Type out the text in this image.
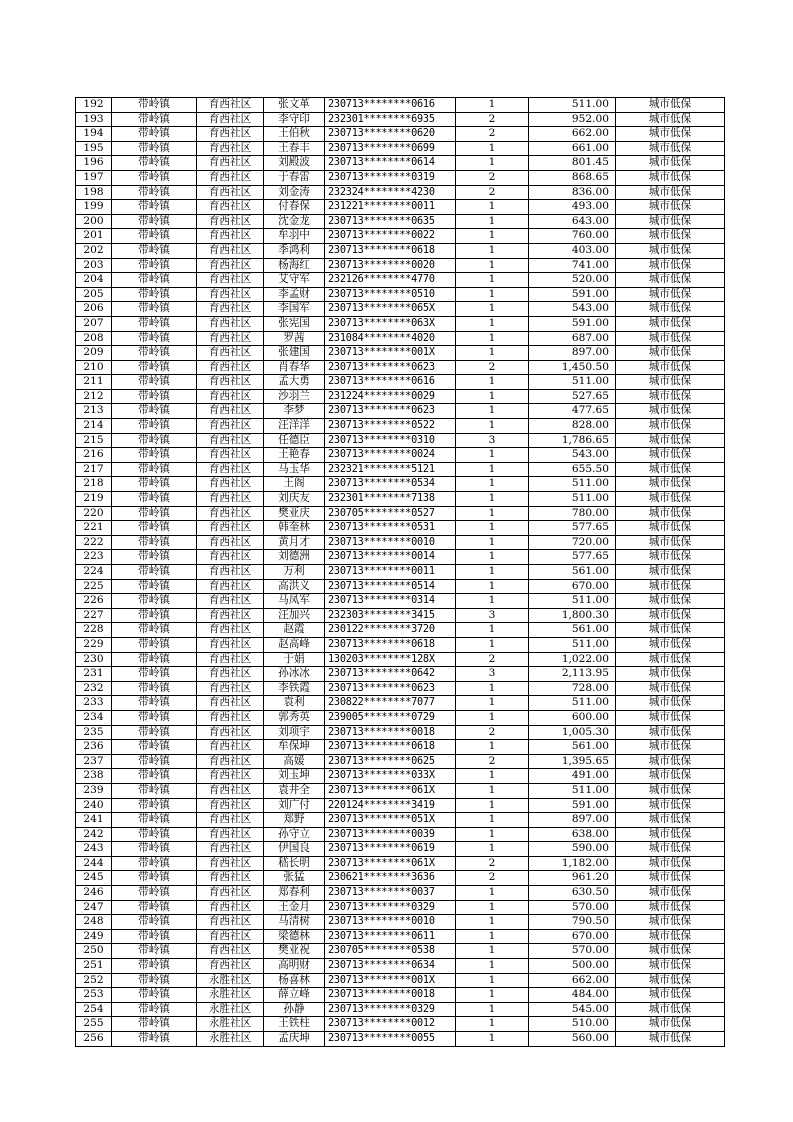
192	带岭镇	育西社区	张文革	230713********0616	1	511.00	城市低保
193	带岭镇	育西社区	李守印	232301********6935	2	952.00	城市低保
194	带岭镇	育西社区	王伯秋	230713********0620	2	662.00	城市低保
195	带岭镇	育西社区	王春丰	230713********0699	1	661.00	城市低保
196	带岭镇	育西社区	刘殿波	230713********0614	1	801.45	城市低保
197	带岭镇	育西社区	于春雷	230713********0319	2	868.65	城市低保
198	带岭镇	育西社区	刘金涛	232324********4230	2	836.00	城市低保
199	带岭镇	育西社区	付春保	231221********0011	1	493.00	城市低保
200	带岭镇	育西社区	沈金龙	230713********0635	1	643.00	城市低保
201	带岭镇	育西社区	牟羽中	230713********0022	1	760.00	城市低保
202	带岭镇	育西社区	季鸿利	230713********0618	1	403.00	城市低保
203	带岭镇	育西社区	杨海红	230713********0020	1	741.00	城市低保
204	带岭镇	育西社区	艾守军	232126********4770	1	520.00	城市低保
205	带岭镇	育西社区	李孟财	230713********0510	1	591.00	城市低保
206	带岭镇	育西社区	李国军	230713********065X	1	543.00	城市低保
207	带岭镇	育西社区	张宪国	230713********063X	1	591.00	城市低保
208	带岭镇	育西社区	罗茜	231084********4020	1	687.00	城市低保
209	带岭镇	育西社区	张建国	230713********001X	1	897.00	城市低保
210	带岭镇	育西社区	肖春华	230713********0623	2	1,450.50	城市低保
211	带岭镇	育西社区	孟大勇	230713********0616	1	511.00	城市低保
212	带岭镇	育西社区	沙羽兰	231224********0029	1	527.65	城市低保
213	带岭镇	育西社区	李梦	230713********0623	1	477.65	城市低保
214	带岭镇	育西社区	汪洋洋	230713********0522	1	828.00	城市低保
215	带岭镇	育西社区	任德臣	230713********0310	3	1,786.65	城市低保
216	带岭镇	育西社区	王艳春	230713********0024	1	543.00	城市低保
217	带岭镇	育西社区	马玉华	232321********5121	1	655.50	城市低保
218	带岭镇	育西社区	王阁	230713********0534	1	511.00	城市低保
219	带岭镇	育西社区	刘庆友	232301********7138	1	511.00	城市低保
220	带岭镇	育西社区	樊亚庆	230705********0527	1	780.00	城市低保
221	带岭镇	育西社区	韩奎林	230713********0531	1	577.65	城市低保
222	带岭镇	育西社区	黄月才	230713********0010	1	720.00	城市低保
223	带岭镇	育西社区	刘德洲	230713********0014	1	577.65	城市低保
224	带岭镇	育西社区	万利	230713********0011	1	561.00	城市低保
225	带岭镇	育西社区	高洪义	230713********0514	1	670.00	城市低保
226	带岭镇	育西社区	马凤军	230713********0314	1	511.00	城市低保
227	带岭镇	育西社区	汪加兴	232303********3415	3	1,800.30	城市低保
228	带岭镇	育西社区	赵霞	230122********3720	1	561.00	城市低保
229	带岭镇	育西社区	赵高峰	230713********0618	1	511.00	城市低保
230	带岭镇	育西社区	于娟	130203********128X	2	1,022.00	城市低保
231	带岭镇	育西社区	孙冰冰	230713********0642	3	2,113.95	城市低保
232	带岭镇	育西社区	李铁霞	230713********0623	1	728.00	城市低保
233	带岭镇	育西社区	袁利	230822********7077	1	511.00	城市低保
234	带岭镇	育西社区	郭秀英	239005********0729	1	600.00	城市低保
235	带岭镇	育西社区	刘项宇	230713********0018	2	1,005.30	城市低保
236	带岭镇	育西社区	牟保坤	230713********0618	1	561.00	城市低保
237	带岭镇	育西社区	高媛	230713********0625	2	1,395.65	城市低保
238	带岭镇	育西社区	刘玉坤	230713********033X	1	491.00	城市低保
239	带岭镇	育西社区	袁井全	230713********061X	1	511.00	城市低保
240	带岭镇	育西社区	刘广付	220124********3419	1	591.00	城市低保
241	带岭镇	育西社区	郑野	230713********051X	1	897.00	城市低保
242	带岭镇	育西社区	孙守立	230713********0039	1	638.00	城市低保
243	带岭镇	育西社区	伊国良	230713********0619	1	590.00	城市低保
244	带岭镇	育西社区	嵇长明	230713********061X	2	1,182.00	城市低保
245	带岭镇	育西社区	张猛	230621********3636	2	961.20	城市低保
246	带岭镇	育西社区	郑春利	230713********0037	1	630.50	城市低保
247	带岭镇	育西社区	王金月	230713********0329	1	570.00	城市低保
248	带岭镇	育西社区	马清树	230713********0010	1	790.50	城市低保
249	带岭镇	育西社区	梁德林	230713********0611	1	670.00	城市低保
250	带岭镇	育西社区	樊亚祝	230705********0538	1	570.00	城市低保
251	带岭镇	育西社区	高明财	230713********0634	1	500.00	城市低保
252	带岭镇	永胜社区	杨喜林	230713********001X	1	662.00	城市低保
253	带岭镇	永胜社区	薛立峰	230713********0018	1	484.00	城市低保
254	带岭镇	永胜社区	孙静	230713********0329	1	545.00	城市低保
255	带岭镇	永胜社区	王铁柱	230713********0012	1	510.00	城市低保
256	带岭镇	永胜社区	孟庆坤	230713********0055	1	560.00	城市低保
